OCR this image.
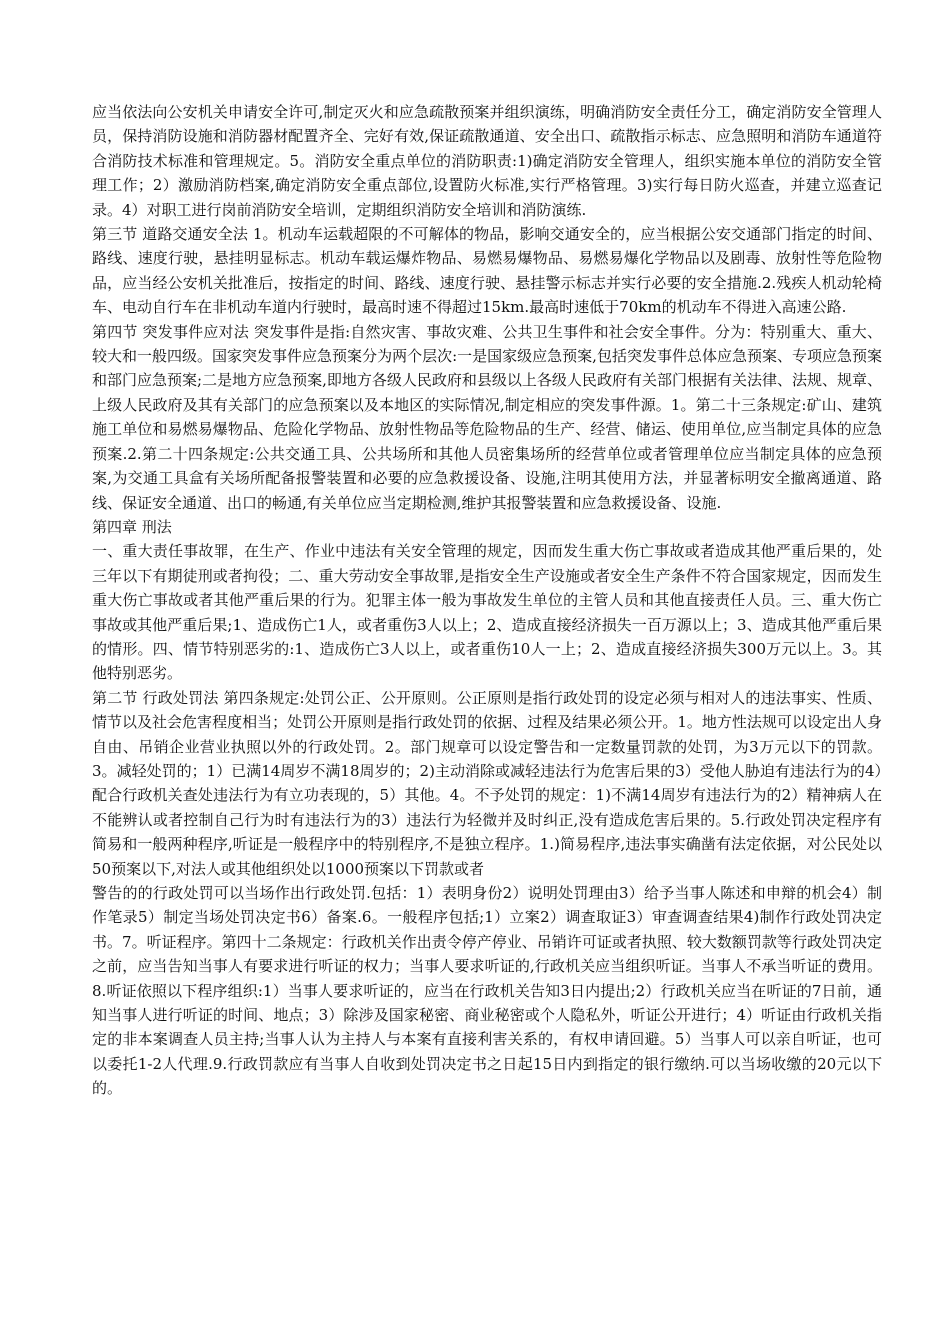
应当依法向公安机关申请安全许可,制定灭火和应急疏散预案并组织演练，明确消防安全责任分工，确定消防安全管理人员，保持消防设施和消防器材配置齐全、完好有效,保证疏散通道、安全出口、疏散指示标志、应急照明和消防车通道符合消防技术标准和管理规定。5。消防安全重点单位的消防职责:1)确定消防安全管理人，组织实施本单位的消防安全管理工作；2）激励消防档案,确定消防安全重点部位,设置防火标准,实行严格管理。3)实行每日防火巡查，并建立巡查记录。4）对职工进行岗前消防安全培训，定期组织消防安全培训和消防演练.

第三节 道路交通安全法 1。机动车运载超限的不可解体的物品，影响交通安全的，应当根据公安交通部门指定的时间、路线、速度行驶，悬挂明显标志。机动车载运爆炸物品、易燃易爆物品、易燃易爆化学物品以及剧毒、放射性等危险物品，应当经公安机关批准后，按指定的时间、路线、速度行驶、悬挂警示标志并实行必要的安全措施.2.残疾人机动轮椅车、电动自行车在非机动车道内行驶时，最高时速不得超过15km.最高时速低于70km的机动车不得进入高速公路.

第四节 突发事件应对法 突发事件是指:自然灾害、事故灾难、公共卫生事件和社会安全事件。分为：特别重大、重大、较大和一般四级。国家突发事件应急预案分为两个层次:一是国家级应急预案,包括突发事件总体应急预案、专项应急预案和部门应急预案;二是地方应急预案,即地方各级人民政府和县级以上各级人民政府有关部门根据有关法律、法规、规章、上级人民政府及其有关部门的应急预案以及本地区的实际情况,制定相应的突发事件源。1。第二十三条规定:矿山、建筑施工单位和易燃易爆物品、危险化学物品、放射性物品等危险物品的生产、经营、储运、使用单位,应当制定具体的应急预案.2.第二十四条规定:公共交通工具、公共场所和其他人员密集场所的经营单位或者管理单位应当制定具体的应急预案,为交通工具盒有关场所配备报警装置和必要的应急救援设备、设施,注明其使用方法，并显著标明安全撤离通道、路线、保证安全通道、出口的畅通,有关单位应当定期检测,维护其报警装置和应急救援设备、设施.

第四章 刑法

一、重大责任事故罪，在生产、作业中违法有关安全管理的规定，因而发生重大伤亡事故或者造成其他严重后果的，处三年以下有期徒刑或者拘役；二、重大劳动安全事故罪,是指安全生产设施或者安全生产条件不符合国家规定，因而发生重大伤亡事故或者其他严重后果的行为。犯罪主体一般为事故发生单位的主管人员和其他直接责任人员。三、重大伤亡事故或其他严重后果;1、造成伤亡1人，或者重伤3人以上；2、造成直接经济损失一百万源以上；3、造成其他严重后果的情形。四、情节特别恶劣的:1、造成伤亡3人以上，或者重伤10人一上；2、造成直接经济损失300万元以上。3。其他特别恶劣。

第二节 行政处罚法 第四条规定:处罚公正、公开原则。公正原则是指行政处罚的设定必须与相对人的违法事实、性质、情节以及社会危害程度相当；处罚公开原则是指行政处罚的依据、过程及结果必须公开。1。地方性法规可以设定出人身自由、吊销企业营业执照以外的行政处罚。2。部门规章可以设定警告和一定数量罚款的处罚，为3万元以下的罚款。3。减轻处罚的；1）已满14周岁不满18周岁的；2)主动消除或减轻违法行为危害后果的3）受他人胁迫有违法行为的4）配合行政机关查处违法行为有立功表现的，5）其他。4。不予处罚的规定：1)不满14周岁有违法行为的2）精神病人在不能辨认或者控制自己行为时有违法行为的3）违法行为轻微并及时纠正,没有造成危害后果的。5.行政处罚决定程序有简易和一般两种程序,听证是一般程序中的特别程序,不是独立程序。1.)简易程序,违法事实确凿有法定依据，对公民处以50预案以下,对法人或其他组织处以1000预案以下罚款或者

警告的的行政处罚可以当场作出行政处罚.包括：1）表明身份2）说明处罚理由3）给予当事人陈述和申辩的机会4）制作笔录5）制定当场处罚决定书6）备案.6。一般程序包括;1）立案2）调查取证3）审查调查结果4)制作行政处罚决定书。7。听证程序。第四十二条规定：行政机关作出责令停产停业、吊销许可证或者执照、较大数额罚款等行政处罚决定之前，应当告知当事人有要求进行听证的权力；当事人要求听证的,行政机关应当组织听证。当事人不承当听证的费用。8.听证依照以下程序组织:1）当事人要求听证的，应当在行政机关告知3日内提出;2）行政机关应当在听证的7日前，通知当事人进行听证的时间、地点；3）除涉及国家秘密、商业秘密或个人隐私外，听证公开进行；4）听证由行政机关指定的非本案调查人员主持;当事人认为主持人与本案有直接利害关系的，有权申请回避。5）当事人可以亲自听证，也可以委托1-2人代理.9.行政罚款应有当事人自收到处罚决定书之日起15日内到指定的银行缴纳.可以当场收缴的20元以下的。
